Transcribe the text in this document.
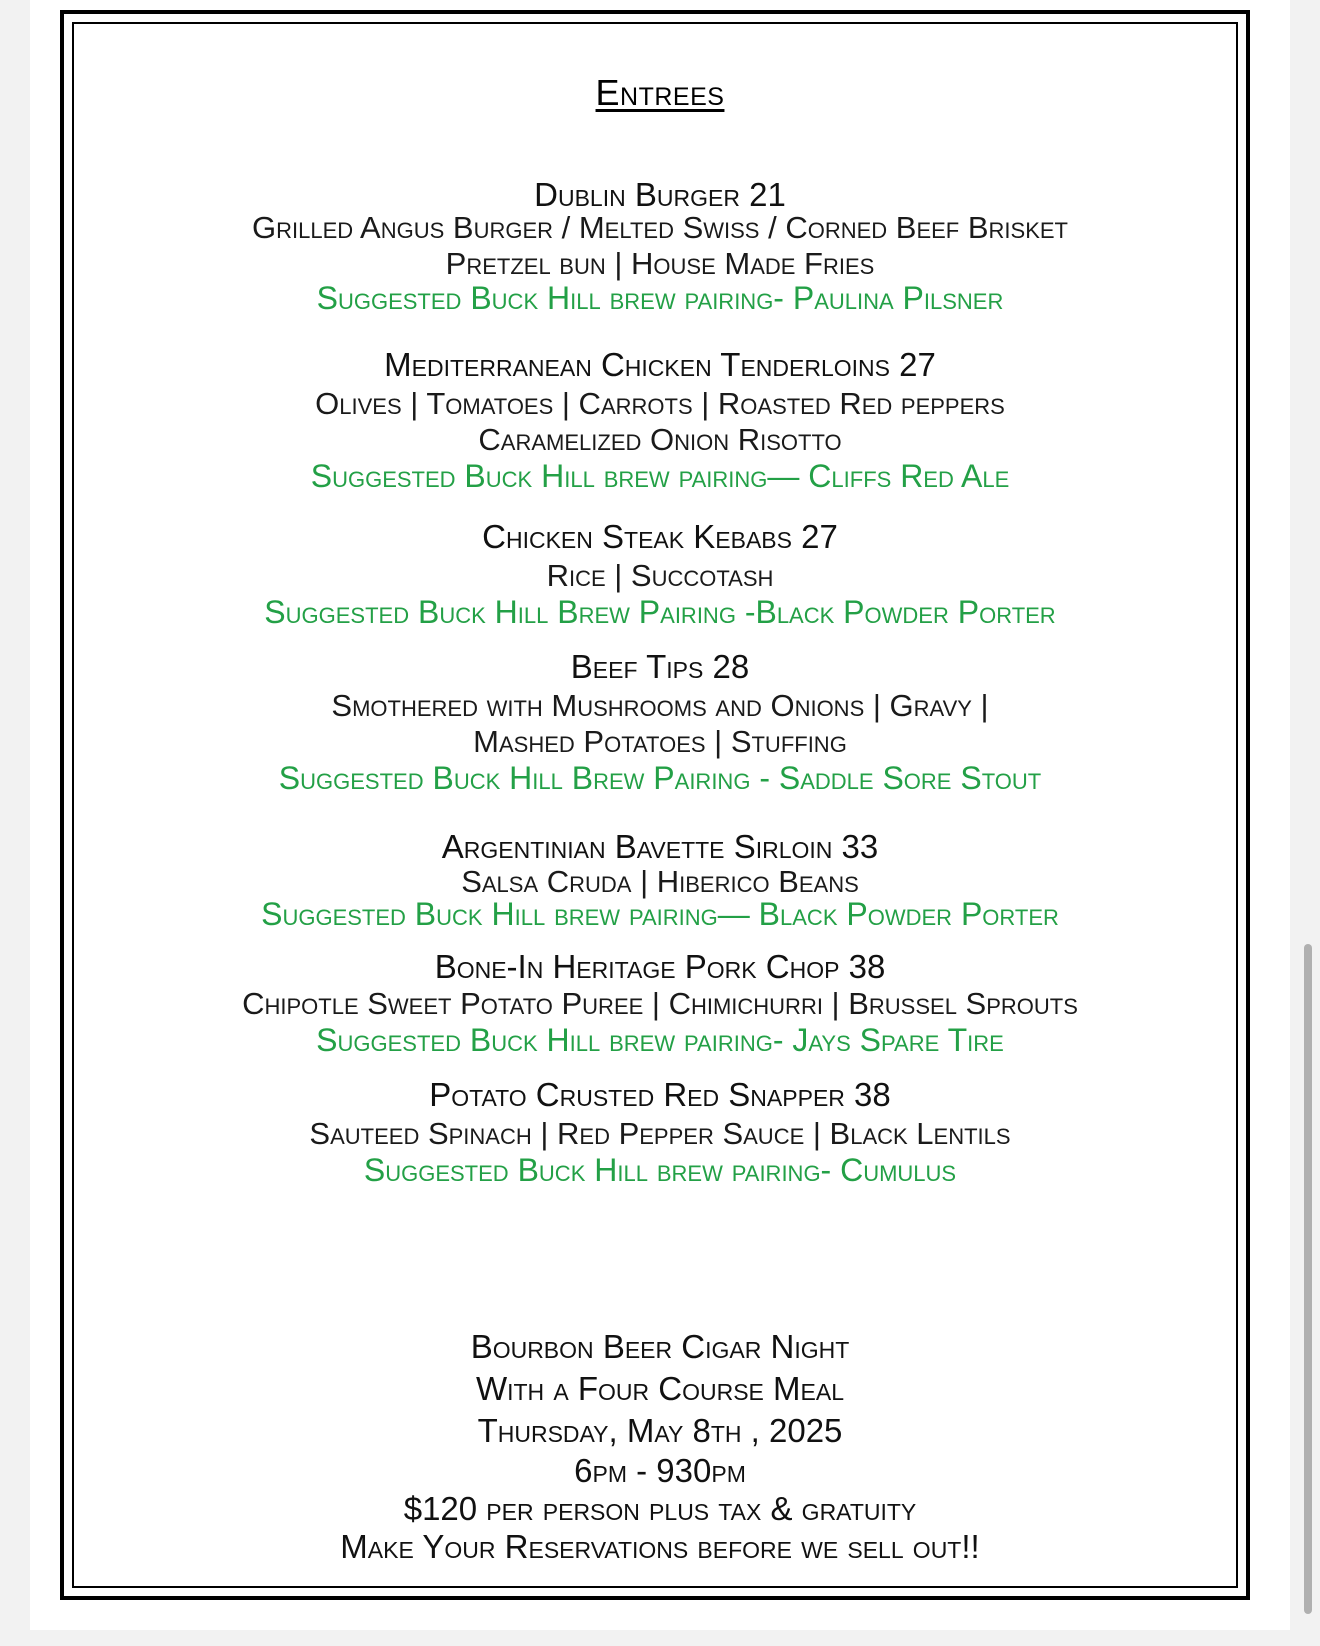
Entrees
Dublin Burger 21
Grilled Angus Burger / Melted Swiss / Corned Beef Brisket
Pretzel bun | House Made Fries
Suggested Buck Hill brew pairing- Paulina Pilsner
Mediterranean Chicken Tenderloins 27
Olives | Tomatoes | Carrots | Roasted Red peppers
Caramelized Onion Risotto
Suggested Buck Hill brew pairing— Cliffs Red Ale
Chicken Steak Kebabs 27
Rice | Succotash
Suggested Buck Hill Brew Pairing -Black Powder Porter
Beef Tips 28
Smothered with Mushrooms and Onions | Gravy |
Mashed Potatoes | Stuffing
Suggested Buck Hill Brew Pairing - Saddle Sore Stout
Argentinian Bavette Sirloin 33
Salsa Cruda | Hiberico Beans
Suggested Buck Hill brew pairing— Black Powder Porter
Bone-In Heritage Pork Chop 38
Chipotle Sweet Potato Puree | Chimichurri | Brussel Sprouts
Suggested Buck Hill brew pairing- Jays Spare Tire
Potato Crusted Red Snapper 38
Sauteed Spinach | Red Pepper Sauce | Black Lentils
Suggested Buck Hill brew pairing- Cumulus
Bourbon Beer Cigar Night
With a Four Course Meal
Thursday, May 8th , 2025
6pm - 930pm
$120 per person plus tax & gratuity
Make Your Reservations before we sell out!!
